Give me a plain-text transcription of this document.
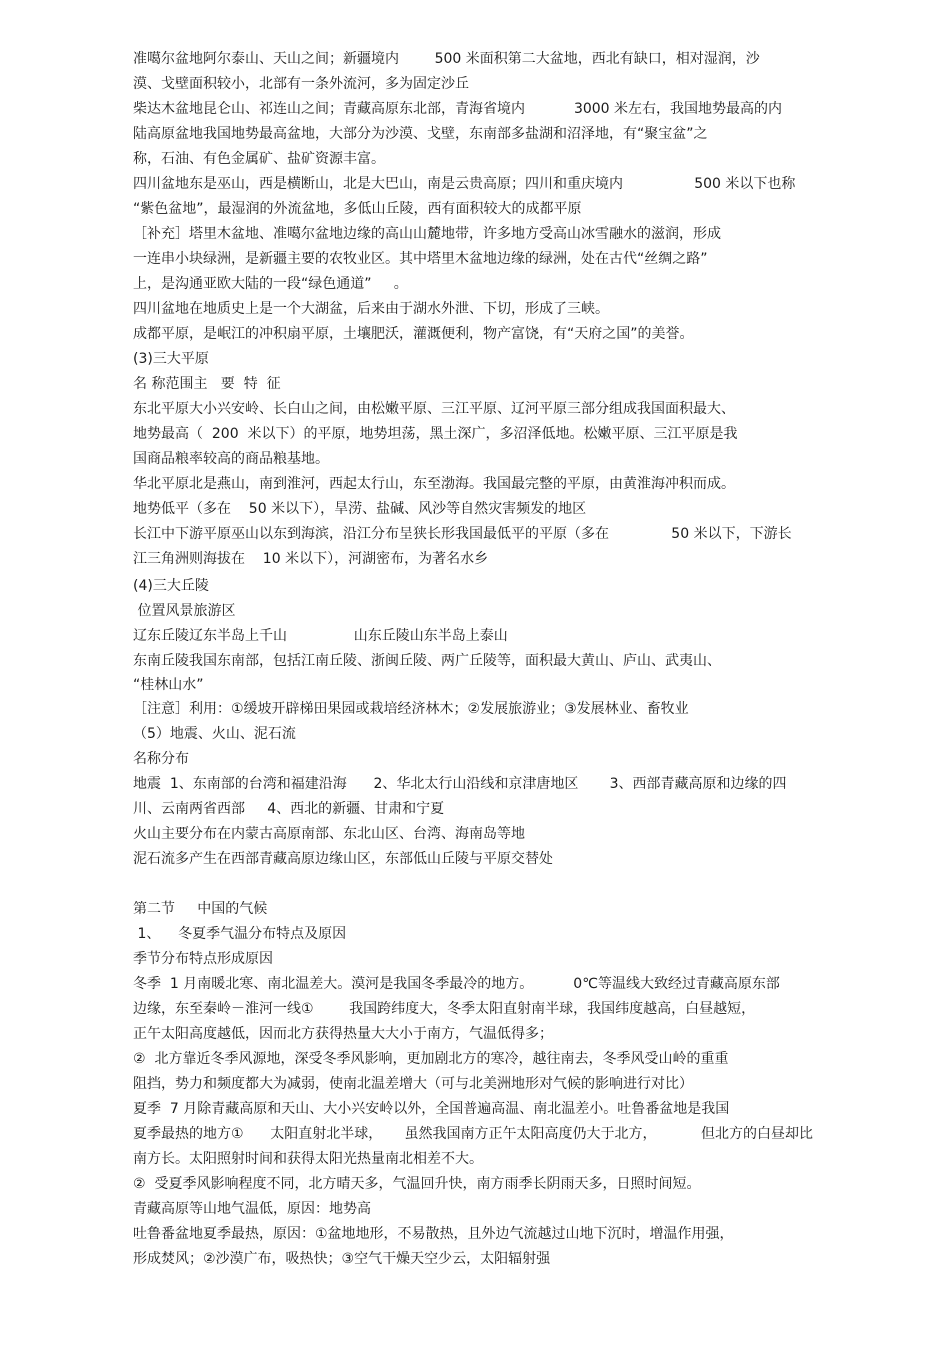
准噶尔盆地阿尔泰山、天山之间；新疆境内        500 米面积第二大盆地，西北有缺口，相对湿润，沙

漠、戈壁面积较小，北部有一条外流河，多为固定沙丘

柴达木盆地昆仑山、祁连山之间；青藏高原东北部，青海省境内           3000 米左右，我国地势最高的内

陆高原盆地我国地势最高盆地，大部分为沙漠、戈壁，东南部多盐湖和沼泽地，有“聚宝盆”之

称，石油、有色金属矿、盐矿资源丰富。

四川盆地东是巫山，西是横断山，北是大巴山，南是云贵高原；四川和重庆境内                500 米以下也称

“紫色盆地”，最湿润的外流盆地，多低山丘陵，西有面积较大的成都平原

［补充］塔里木盆地、准噶尔盆地边缘的高山山麓地带，许多地方受高山冰雪融水的滋润，形成

一连串小块绿洲，是新疆主要的农牧业区。其中塔里木盆地边缘的绿洲，处在古代“丝绸之路”

上，是沟通亚欧大陆的一段“绿色通道”     。

四川盆地在地质史上是一个大湖盆，后来由于湖水外泄、下切，形成了三峡。

成都平原，是岷江的冲积扇平原，土壤肥沃，灌溉便利，物产富饶，有“天府之国”的美誉。

(3)三大平原

名 称范围主   要  特  征

东北平原大小兴安岭、长白山之间，由松嫩平原、三江平原、辽河平原三部分组成我国面积最大、

地势最高（  200  米以下）的平原，地势坦荡，黑土深广，多沼泽低地。松嫩平原、三江平原是我

国商品粮率较高的商品粮基地。

华北平原北是燕山，南到淮河，西起太行山，东至渤海。我国最完整的平原，由黄淮海冲积而成。

地势低平（多在    50 米以下），旱涝、盐碱、风沙等自然灾害频发的地区

长江中下游平原巫山以东到海滨，沿江分布呈狭长形我国最低平的平原（多在              50 米以下，下游长

江三角洲则海拔在    10 米以下），河湖密布，为著名水乡

(4)三大丘陵

位置风景旅游区

辽东丘陵辽东半岛上千山               山东丘陵山东半岛上泰山

东南丘陵我国东南部，包括江南丘陵、浙闽丘陵、两广丘陵等，面积最大黄山、庐山、武夷山、

“桂林山水”

［注意］利用：①缓坡开辟梯田果园或栽培经济林木；②发展旅游业；③发展林业、畜牧业

（5）地震、火山、泥石流

名称分布

地震  1、东南部的台湾和福建沿海      2、华北太行山沿线和京津唐地区       3、西部青藏高原和边缘的四

川、云南两省西部     4、西北的新疆、甘肃和宁夏

火山主要分布在内蒙古高原南部、东北山区、台湾、海南岛等地

泥石流多产生在西部青藏高原边缘山区，东部低山丘陵与平原交替处

第二节     中国的气候

1、    冬夏季气温分布特点及原因

季节分布特点形成原因

冬季  1 月南暖北寒、南北温差大。漠河是我国冬季最冷的地方。         0℃等温线大致经过青藏高原东部

边缘，东至秦岭－淮河一线①        我国跨纬度大，冬季太阳直射南半球，我国纬度越高，白昼越短，

正午太阳高度越低，因而北方获得热量大大小于南方，气温低得多；

②  北方靠近冬季风源地，深受冬季风影响，更加剧北方的寒冷，越往南去，冬季风受山岭的重重

阻挡，势力和频度都大为减弱，使南北温差增大（可与北美洲地形对气候的影响进行对比）

夏季  7 月除青藏高原和天山、大小兴安岭以外，全国普遍高温、南北温差小。吐鲁番盆地是我国

夏季最热的地方①      太阳直射北半球，     虽然我国南方正午太阳高度仍大于北方，          但北方的白昼却比

南方长。太阳照射时间和获得太阳光热量南北相差不大。

②  受夏季风影响程度不同，北方晴天多，气温回升快，南方雨季长阴雨天多，日照时间短。

青藏高原等山地气温低，原因：地势高

吐鲁番盆地夏季最热，原因：①盆地地形，不易散热，且外边气流越过山地下沉时，增温作用强，

形成焚风；②沙漠广布，吸热快；③空气干燥天空少云，太阳辐射强
